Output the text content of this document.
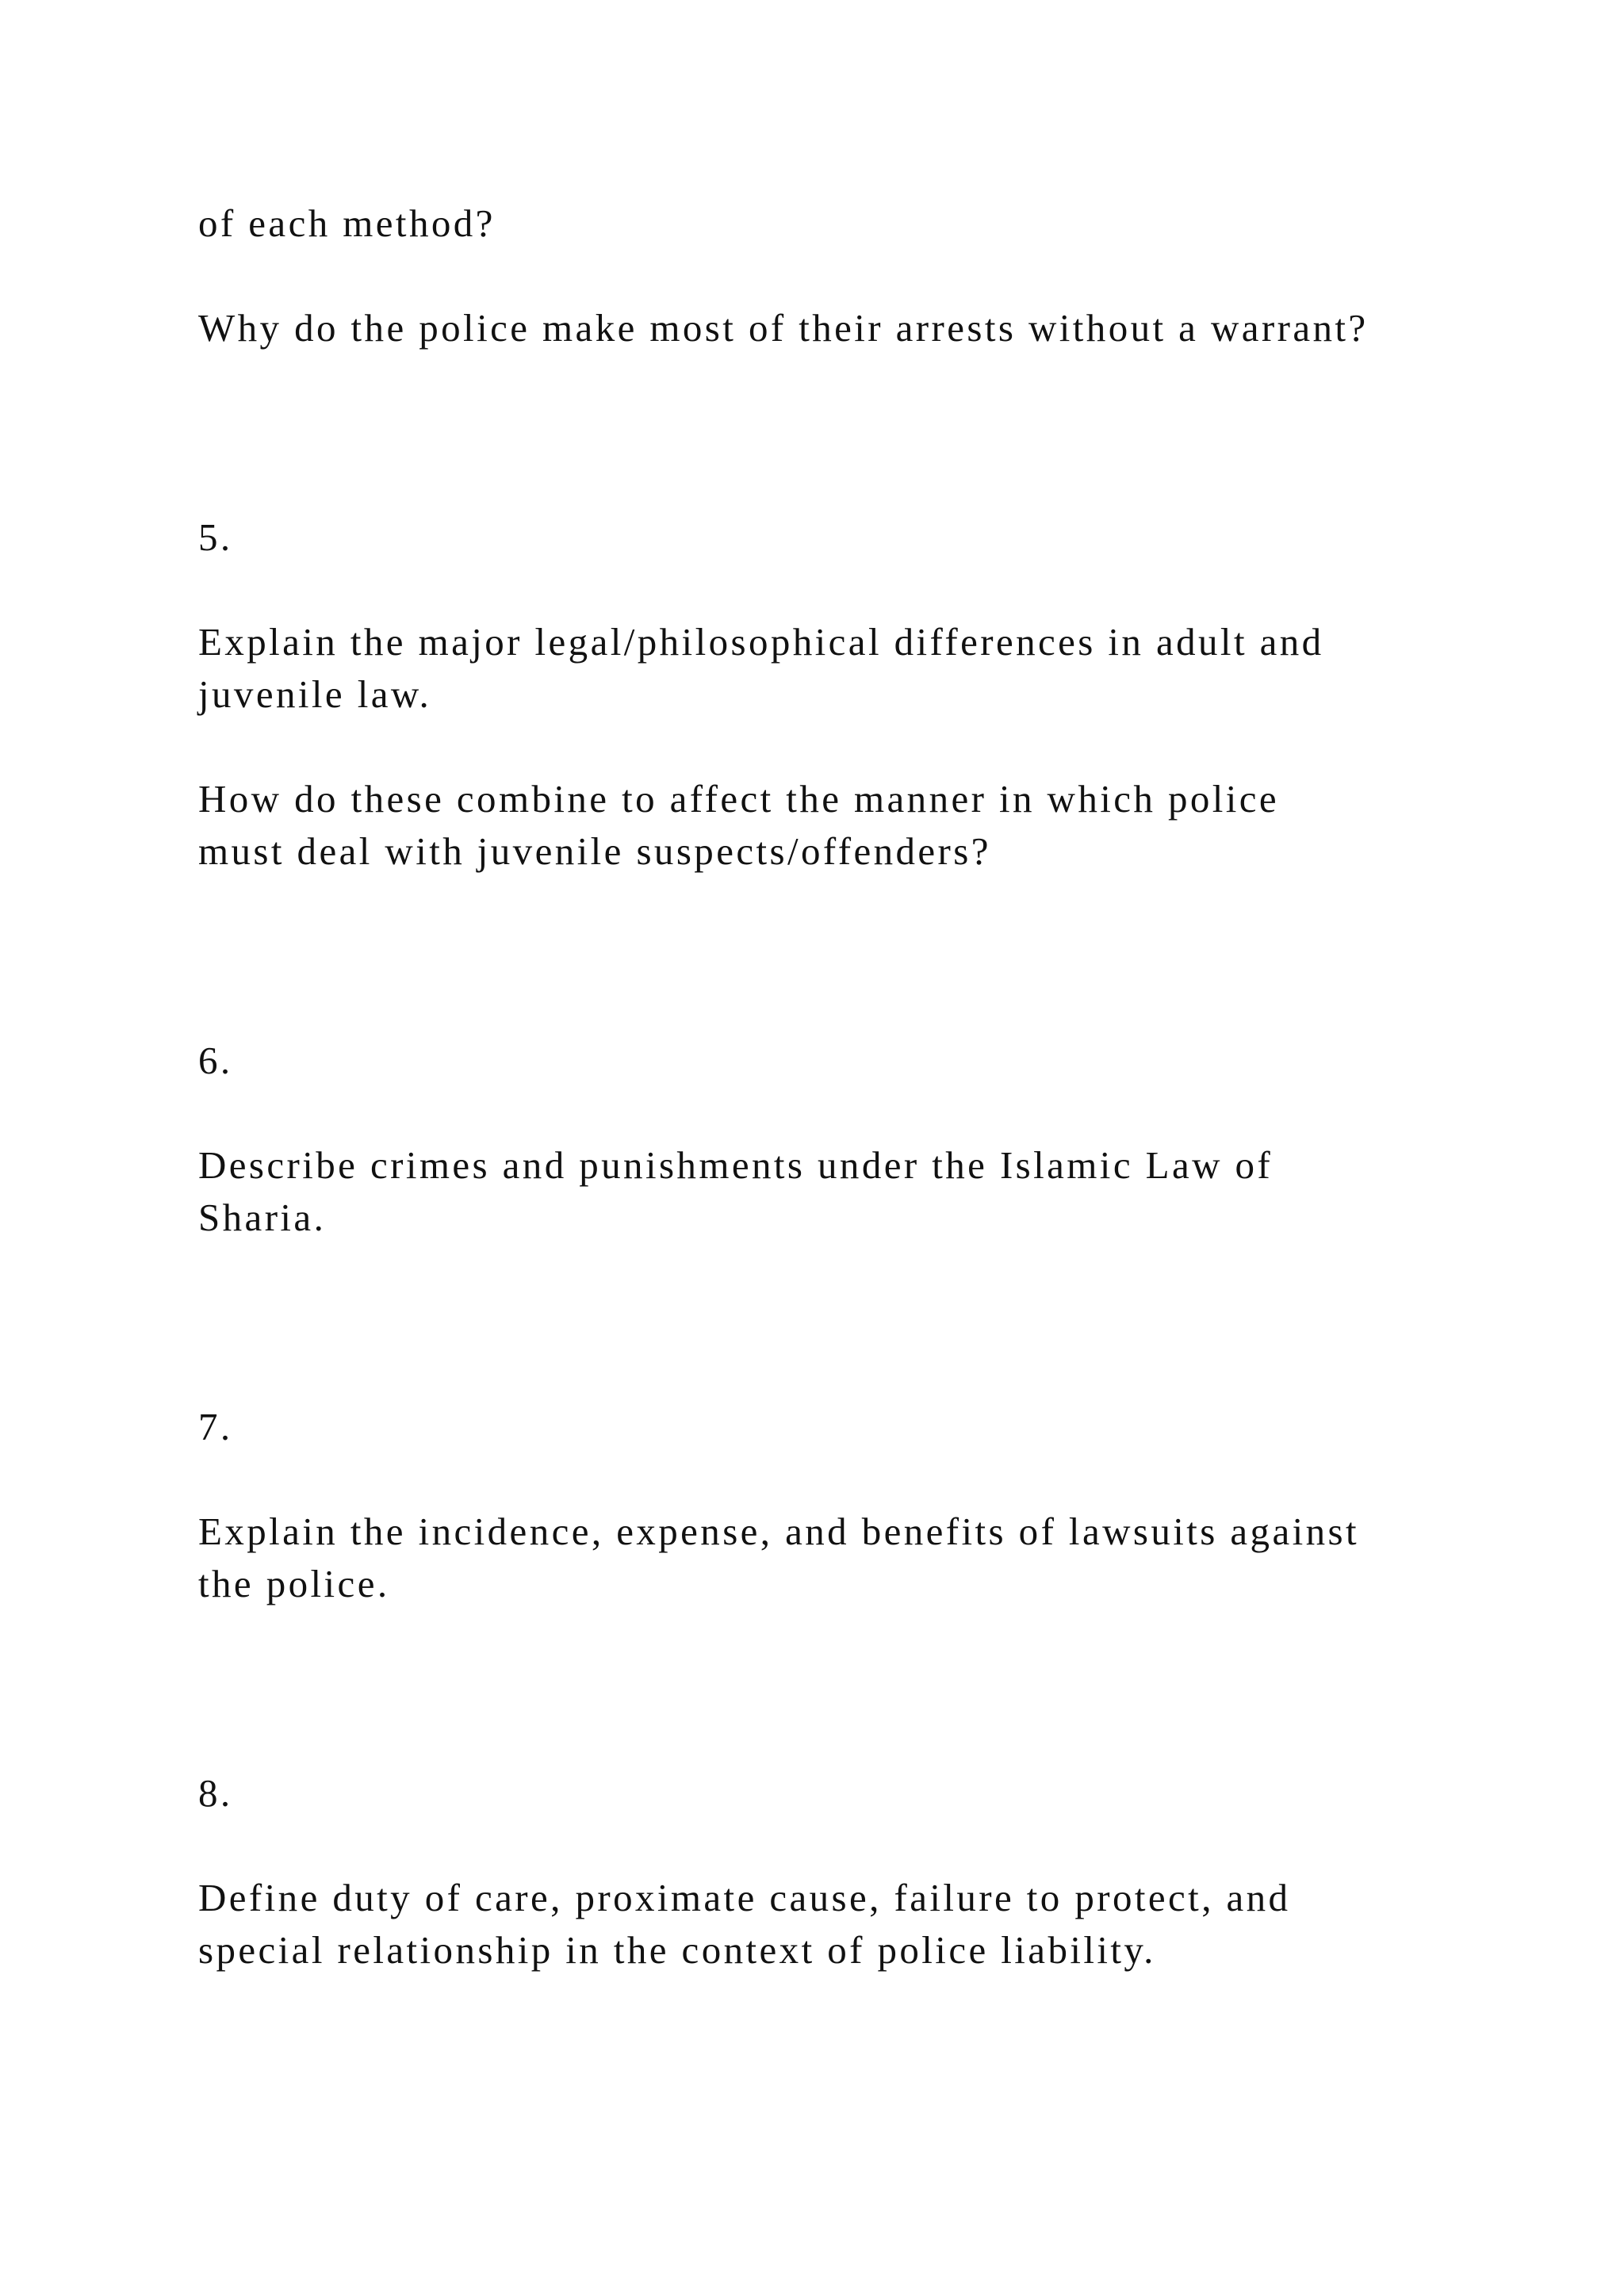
of each method?
Why do the police make most of their arrests without a warrant?
5.
Explain the major legal/philosophical differences in adult and
juvenile law.
How do these combine to affect the manner in which police
must deal with juvenile suspects/offenders?
6.
Describe crimes and punishments under the Islamic Law of
Sharia.
7.
Explain the incidence, expense, and benefits of lawsuits against
the police.
8.
Define duty of care, proximate cause, failure to protect, and
special relationship in the context of police liability.
